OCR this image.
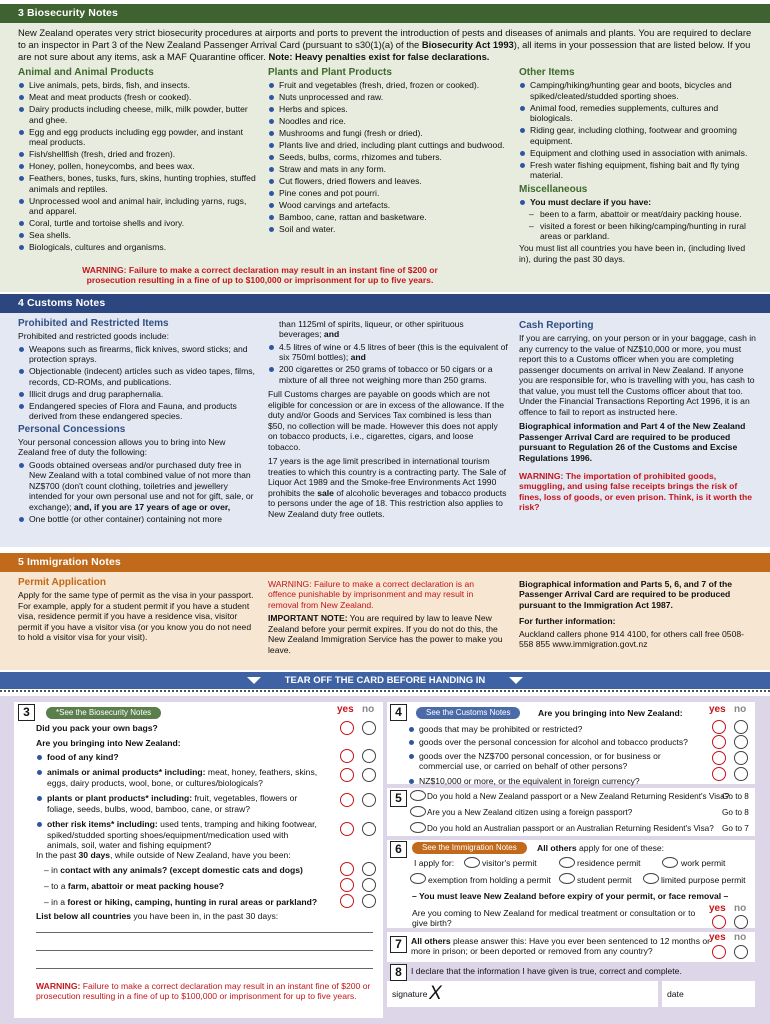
3 Biosecurity Notes

New Zealand operates very strict biosecurity procedures at airports and ports to prevent the introduction of pests and diseases of animals and plants. You are required to declare to an inspector in Part 3 of the New Zealand Passenger Arrival Card (pursuant to s30(1)(a) of the Biosecurity Act 1993), all items in your possession that are listed below. If you are not sure about any items, ask a MAF Quarantine officer. Note: Heavy penalties exist for false declarations.

Animal and Animal Products
Live animals, pets, birds, fish, and insects.
Meat and meat products (fresh or cooked).
Dairy products including cheese, milk, milk powder, butter and ghee.
Egg and egg products including egg powder, and instant meal products.
Fish/shellfish (fresh, dried and frozen).
Honey, pollen, honeycombs, and bees wax.
Feathers, bones, tusks, furs, skins, hunting trophies, stuffed animals and reptiles.
Unprocessed wool and animal hair, including yarns, rugs, and apparel.
Coral, turtle and tortoise shells and ivory.
Sea shells.
Biologicals, cultures and organisms.
Plants and Plant Products
Fruit and vegetables (fresh, dried, frozen or cooked).
Nuts unprocessed and raw.
Herbs and spices.
Noodles and rice.
Mushrooms and fungi (fresh or dried).
Plants live and dried, including plant cuttings and budwood.
Seeds, bulbs, corms, rhizomes and tubers.
Straw and mats in any form.
Cut flowers, dried flowers and leaves.
Pine cones and pot pourri.
Wood carvings and artefacts.
Bamboo, cane, rattan and basketware.
Soil and water.
WARNING: Failure to make a correct declaration may result in an instant fine of $200 or prosecution resulting in a fine of up to $100,000 or imprisonment for up to five years.
Other Items
Camping/hiking/hunting gear and boots, bicycles and spiked/cleated/studded sporting shoes.
Animal food, remedies supplements, cultures and biologicals.
Riding gear, including clothing, footwear and grooming equipment.
Equipment and clothing used in association with animals.
Fresh water fishing equipment, fishing bait and fly tying material.
Miscellaneous
You must declare if you have:
– been to a farm, abattoir or meat/dairy packing house.
– visited a forest or been hiking/camping/hunting in rural areas or parkland.

You must list all countries you have been in, (including lived in), during the past 30 days.

4 Customs Notes
Prohibited and Restricted Items

Prohibited and restricted goods include:

Weapons such as firearms, flick knives, sword sticks; and protection sprays.
Objectionable (indecent) articles such as video tapes, films, records, CD-ROMs, and publications.
Illicit drugs and drug paraphernalia.
Endangered species of Flora and Fauna, and products derived from these endangered species.
Personal Concessions

Your personal concession allows you to bring into New Zealand free of duty the following:

Goods obtained overseas and/or purchased duty free in New Zealand with a total combined value of not more than NZ$700 (don't count clothing, toiletries and jewellery intended for your own personal use and not for gift, sale, or exchange); and, if you are 17 years of age or over,
One bottle (or other container) containing not more

than 1125ml of spirits, liqueur, or other spirituous beverages; and

4.5 litres of wine or 4.5 litres of beer (this is the equivalent of six 750ml bottles); and
200 cigarettes or 250 grams of tobacco or 50 cigars or a mixture of all three not weighing more than 250 grams.

Full Customs charges are payable on goods which are not eligible for concession or are in excess of the allowance. If the duty and/or Goods and Services Tax combined is less than $50, no collection will be made. However this does not apply on tobacco products, i.e., cigarettes, cigars, and loose tobacco.

17 years is the age limit prescribed in international tourism treaties to which this country is a contracting party. The Sale of Liquor Act 1989 and the Smoke-free Environments Act 1990 prohibits the sale of alcoholic beverages and tobacco products to persons under the age of 18. This restriction also applies to New Zealand duty free outlets.

Cash Reporting

If you are carrying, on your person or in your baggage, cash in any currency to the value of NZ$10,000 or more, you must report this to a Customs officer when you are completing passenger documents on arrival in New Zealand. If anyone you are responsible for, who is travelling with you, has cash to that value, you must tell the Customs officer about that too. Under the Financial Transactions Reporting Act 1996, it is an offence to fail to report as instructed here.

Biographical information and Part 4 of the New Zealand Passenger Arrival Card are required to be produced pursuant to Regulation 26 of the Customs and Excise Regulations 1996.

WARNING: The importation of prohibited goods, smuggling, and using false receipts brings the risk of fines, loss of goods, or even prison. Think, is it worth the risk?

5 Immigration Notes
Permit Application

Apply for the same type of permit as the visa in your passport. For example, apply for a student permit if you have a student visa, residence permit if you have a residence visa, visitor permit if you have a visitor visa (or you know you do not need to hold a visitor visa for your visit).

WARNING: Failure to make a correct declaration is an offence punishable by imprisonment and may result in removal from New Zealand.

IMPORTANT NOTE: You are required by law to leave New Zealand before your permit expires. If you do not do this, the New Zealand Immigration Service has the power to make you leave.

Biographical information and Parts 5, 6, and 7 of the Passenger Arrival Card are required to be produced pursuant to the Immigration Act 1987.

For further information:

Auckland callers phone 914 4100, for others call free 0508-558 855 www.immigration.govt.nz

TEAR OFF THE CARD BEFORE HANDING IN
3	*See the Biosecurity Notes	yes no
Did you pack your own bags?
Are you bringing into New Zealand:
food of any kind?
animals or animal products* including: meat, honey, feathers, skins, eggs, dairy products, wool, bone, or cultures/biologicals?
plants or plant products* including: fruit, vegetables, flowers or foliage, seeds, bulbs, wood, bamboo, cane, or straw?
other risk items* including: used tents, tramping and hiking footwear, spiked/studded sporting shoes/equipment/medication used with animals, soil, water and fishing equipment?
In the past 30 days, while outside of New Zealand, have you been:
– in contact with any animals? (except domestic cats and dogs)
– to a farm, abattoir or meat packing house?
– in a forest or hiking, camping, hunting in rural areas or parkland?
List below all countries you have been in, in the past 30 days:
WARNING: Failure to make a correct declaration may result in an instant fine of $200 or prosecution resulting in a fine of up to $100,000 or imprisonment for up to five years.
4	See the Customs Notes	Are you bringing into New Zealand:	yes no
goods that may be prohibited or restricted?
goods over the personal concession for alcohol and tobacco products?
goods over the NZ$700 personal concession, or for business or commercial use, or carried on behalf of other persons?
NZ$10,000 or more, or the equivalent in foreign currency?
5	Do you hold a New Zealand passport or a New Zealand Returning Resident's Visa?
Go to 8
Are you a New Zealand citizen using a foreign passport?	Go to 8
Do you hold an Australian passport or an Australian Returning Resident's Visa? Go to 7
6	See the Immigration Notes	All others apply for one of these:
I apply for:	visitor's permit	residence permit	work permit
exemption from holding a permit	student permit	limited purpose permit
– You must leave New Zealand before expiry of your permit, or face removal –
yes no
Are you coming to New Zealand for medical treatment or consultation or to give birth?
7	All others please answer this: Have you ever been sentenced to 12 months or more in prison; or been deported or removed from any country?
yes no
8	I declare that the information I have given is true, correct and complete.
signature X	date
